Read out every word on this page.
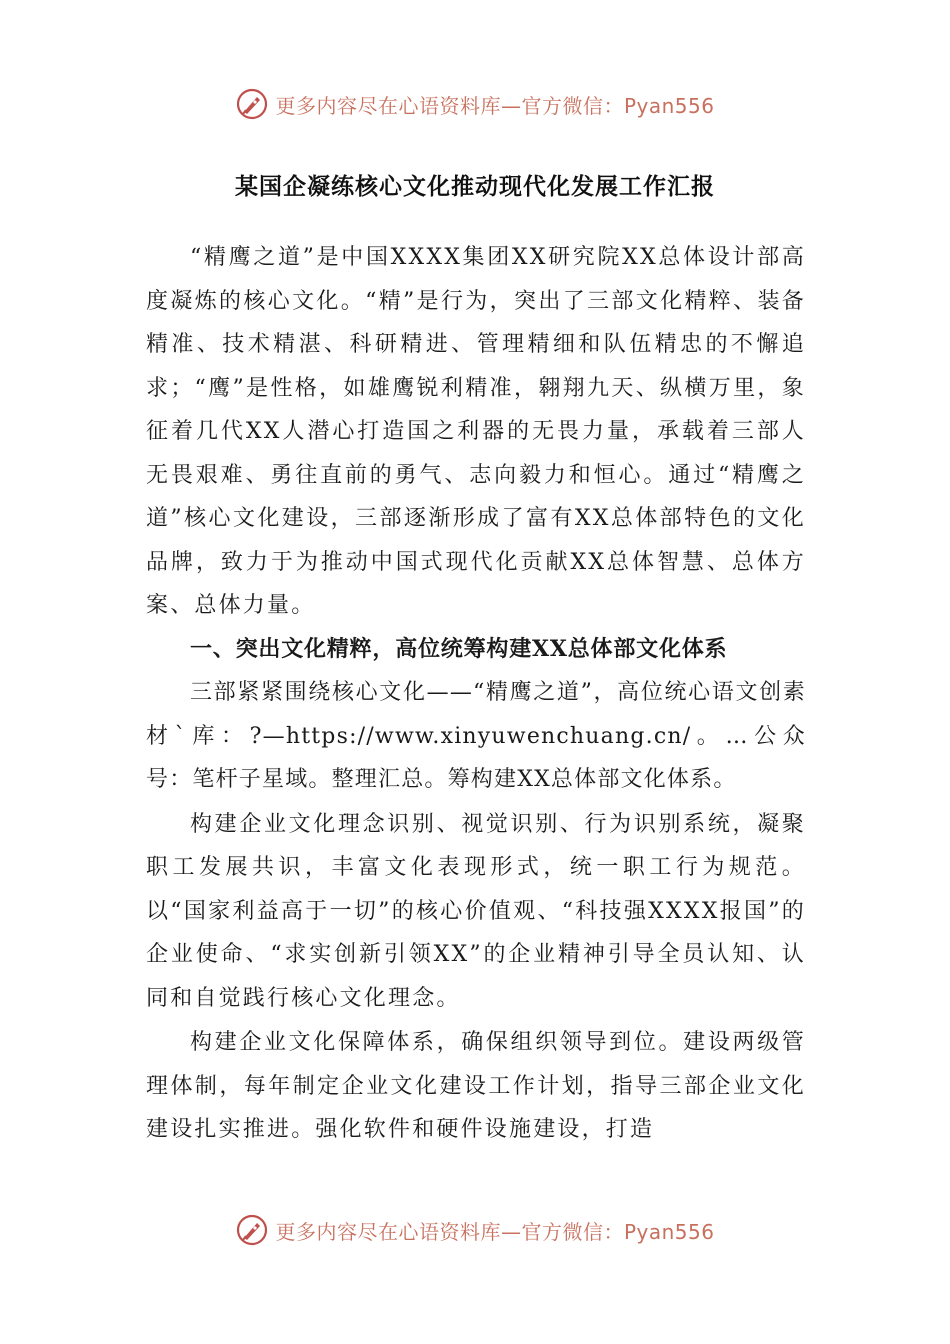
更多内容尽在心语资料库—官方微信：Pyan556
某国企凝练核心文化推动现代化发展工作汇报

“精鹰之道”是中国XXXX集团XX研究院XX总体设计部高度凝炼的核心文化。“精”是行为，突出了三部文化精粹、装备精准、技术精湛、科研精进、管理精细和队伍精忠的不懈追求；“鹰”是性格，如雄鹰锐利精准，翱翔九天、纵横万里，象征着几代XX人潜心打造国之利器的无畏力量，承载着三部人无畏艰难、勇往直前的勇气、志向毅力和恒心。通过“精鹰之道”核心文化建设，三部逐渐形成了富有XX总体部特色的文化品牌，致力于为推动中国式现代化贡献XX总体智慧、总体方案、总体力量。

一、突出文化精粹，高位统筹构建XX总体部文化体系

三部紧紧围绕核心文化——“精鹰之道”，高位统心语文创素材`库：?—https://www.xinyuwenchuang.cn/。…公众号：笔杆子星域。整理汇总。筹构建XX总体部文化体系。

构建企业文化理念识别、视觉识别、行为识别系统，凝聚职工发展共识，丰富文化表现形式，统一职工行为规范。以“国家利益高于一切”的核心价值观、“科技强XXXX报国”的企业使命、“求实创新引领XX”的企业精神引导全员认知、认同和自觉践行核心文化理念。

构建企业文化保障体系，确保组织领导到位。建设两级管理体制，每年制定企业文化建设工作计划，指导三部企业文化建设扎实推进。强化软件和硬件设施建设，打造

更多内容尽在心语资料库—官方微信：Pyan556
